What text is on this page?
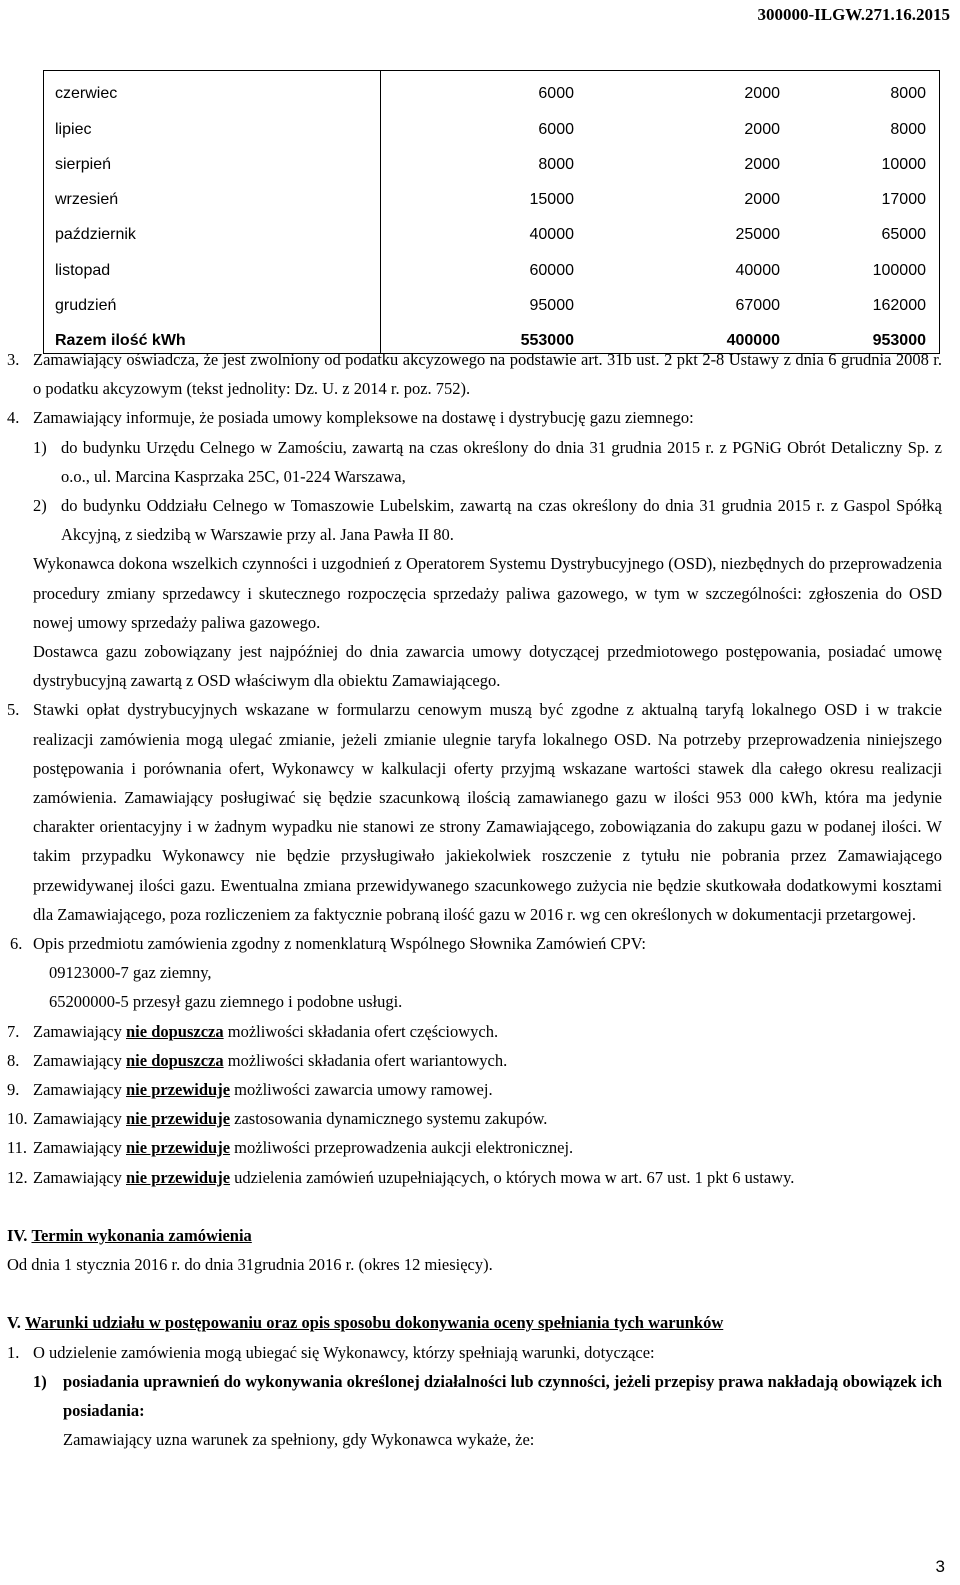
300000-ILGW.271.16.2015
czerwiec	6000	2000	8000
lipiec	6000	2000	8000
sierpień	8000	2000	10000
wrzesień	15000	2000	17000
październik	40000	25000	65000
listopad	60000	40000	100000
grudzień	95000	67000	162000
Razem ilość kWh	553000	400000	953000
3. Zamawiający oświadcza, że jest zwolniony od podatku akcyzowego na podstawie art. 31b ust. 2 pkt 2-8 Ustawy z dnia 6 grudnia 2008 r. o podatku akcyzowym (tekst jednolity: Dz. U. z 2014 r. poz. 752).
4. Zamawiający informuje, że posiada umowy kompleksowe na dostawę i dystrybucję gazu ziemnego:
1) do budynku Urzędu Celnego w Zamościu, zawartą na czas określony do dnia 31 grudnia 2015 r. z PGNiG Obrót Detaliczny Sp. z o.o., ul. Marcina Kasprzaka 25C, 01-224 Warszawa,
2) do budynku Oddziału Celnego w Tomaszowie Lubelskim, zawartą na czas określony do dnia 31 grudnia 2015 r. z Gaspol Spółką Akcyjną, z siedzibą w Warszawie przy al. Jana Pawła II 80.
Wykonawca dokona wszelkich czynności i uzgodnień z Operatorem Systemu Dystrybucyjnego (OSD), niezbędnych do przeprowadzenia procedury zmiany sprzedawcy i skutecznego rozpoczęcia sprzedaży paliwa gazowego, w tym w szczególności: zgłoszenia do OSD nowej umowy sprzedaży paliwa gazowego.
Dostawca gazu zobowiązany jest najpóźniej do dnia zawarcia umowy dotyczącej przedmiotowego postępowania, posiadać umowę dystrybucyjną zawartą z OSD właściwym dla obiektu Zamawiającego.
5. Stawki opłat dystrybucyjnych wskazane w formularzu cenowym muszą być zgodne z aktualną taryfą lokalnego OSD i w trakcie realizacji zamówienia mogą ulegać zmianie, jeżeli zmianie ulegnie taryfa lokalnego OSD. Na potrzeby przeprowadzenia niniejszego postępowania i porównania ofert, Wykonawcy w kalkulacji oferty przyjmą wskazane wartości stawek dla całego okresu realizacji zamówienia. Zamawiający posługiwać się będzie szacunkową ilością zamawianego gazu w ilości 953 000 kWh, która ma jedynie charakter orientacyjny i w żadnym wypadku nie stanowi ze strony Zamawiającego, zobowiązania do zakupu gazu w podanej ilości. W takim przypadku Wykonawcy nie będzie przysługiwało jakiekolwiek roszczenie z tytułu nie pobrania przez Zamawiającego przewidywanej ilości gazu. Ewentualna zmiana przewidywanego szacunkowego zużycia nie będzie skutkowała dodatkowymi kosztami dla Zamawiającego, poza rozliczeniem za faktycznie pobraną ilość gazu w 2016 r. wg cen określonych w dokumentacji przetargowej.
6. Opis przedmiotu zamówienia zgodny z nomenklaturą Wspólnego Słownika Zamówień CPV:
09123000-7 gaz ziemny,
65200000-5 przesył gazu ziemnego i podobne usługi.
7. Zamawiający nie dopuszcza możliwości składania ofert częściowych.
8. Zamawiający nie dopuszcza możliwości składania ofert wariantowych.
9. Zamawiający nie przewiduje możliwości zawarcia umowy ramowej.
10. Zamawiający nie przewiduje zastosowania dynamicznego systemu zakupów.
11. Zamawiający nie przewiduje możliwości przeprowadzenia aukcji elektronicznej.
12. Zamawiający nie przewiduje udzielenia zamówień uzupełniających, o których mowa w art. 67 ust. 1 pkt 6 ustawy.
IV. Termin wykonania zamówienia
Od dnia 1 stycznia 2016 r. do dnia 31grudnia 2016 r. (okres 12 miesięcy).
V. Warunki udziału w postępowaniu oraz opis sposobu dokonywania oceny spełniania tych warunków
1. O udzielenie zamówienia mogą ubiegać się Wykonawcy, którzy spełniają warunki, dotyczące:
1) posiadania uprawnień do wykonywania określonej działalności lub czynności, jeżeli przepisy prawa nakładają obowiązek ich posiadania:
Zamawiający uzna warunek za spełniony, gdy Wykonawca wykaże, że:
3
